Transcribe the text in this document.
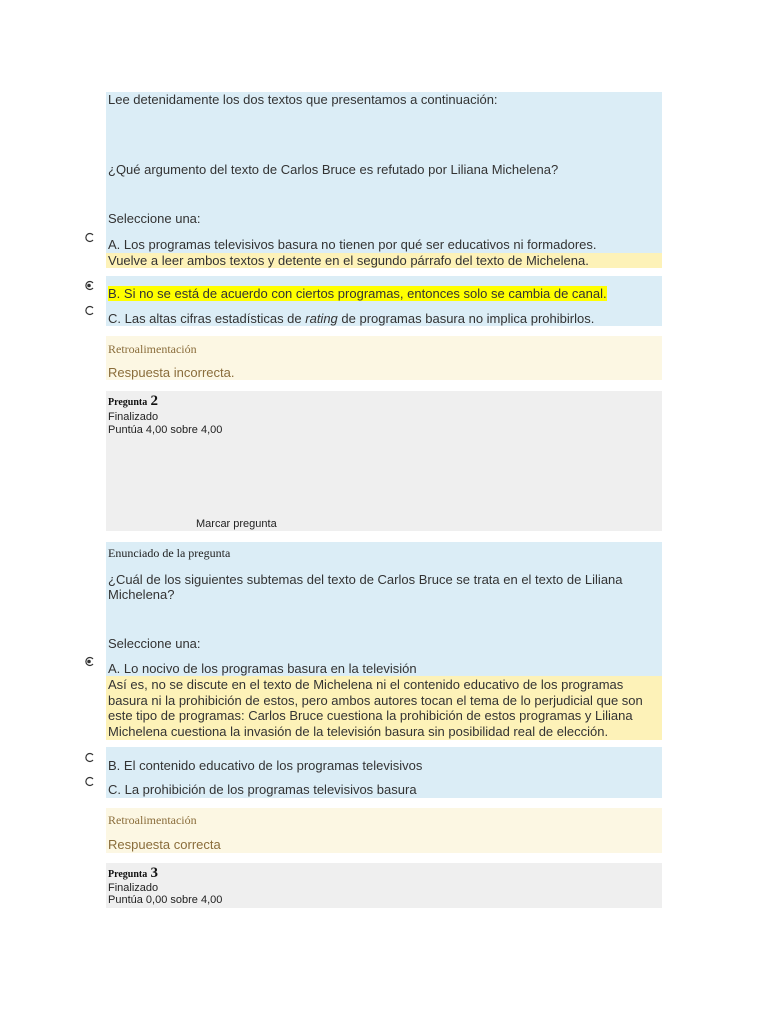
Lee detenidamente los dos textos que presentamos a continuación:
¿Qué argumento del texto de Carlos Bruce es refutado por Liliana Michelena?
Seleccione una:
A. Los programas televisivos basura no tienen por qué ser educativos ni formadores.
Vuelve a leer ambos textos y detente en el segundo párrafo del texto de Michelena.
B. Si no se está de acuerdo con ciertos programas, entonces solo se cambia de canal.
C. Las altas cifras estadísticas de rating de programas basura no implica prohibirlos.
Retroalimentación
Respuesta incorrecta.
Pregunta 2
Finalizado
Puntúa 4,00 sobre 4,00
Marcar pregunta
Enunciado de la pregunta
¿Cuál de los siguientes subtemas del texto de Carlos Bruce se trata en el texto de Liliana Michelena?
Seleccione una:
A. Lo nocivo de los programas basura en la televisión
Así es, no se discute en el texto de Michelena ni el contenido educativo de los programas basura ni la prohibición de estos, pero ambos autores tocan el tema de lo perjudicial que son este tipo de programas: Carlos Bruce cuestiona la prohibición de estos programas y Liliana Michelena cuestiona la invasión de la televisión basura sin posibilidad real de elección.
B. El contenido educativo de los programas televisivos
C. La prohibición de los programas televisivos basura
Retroalimentación
Respuesta correcta
Pregunta 3
Finalizado
Puntúa 0,00 sobre 4,00
